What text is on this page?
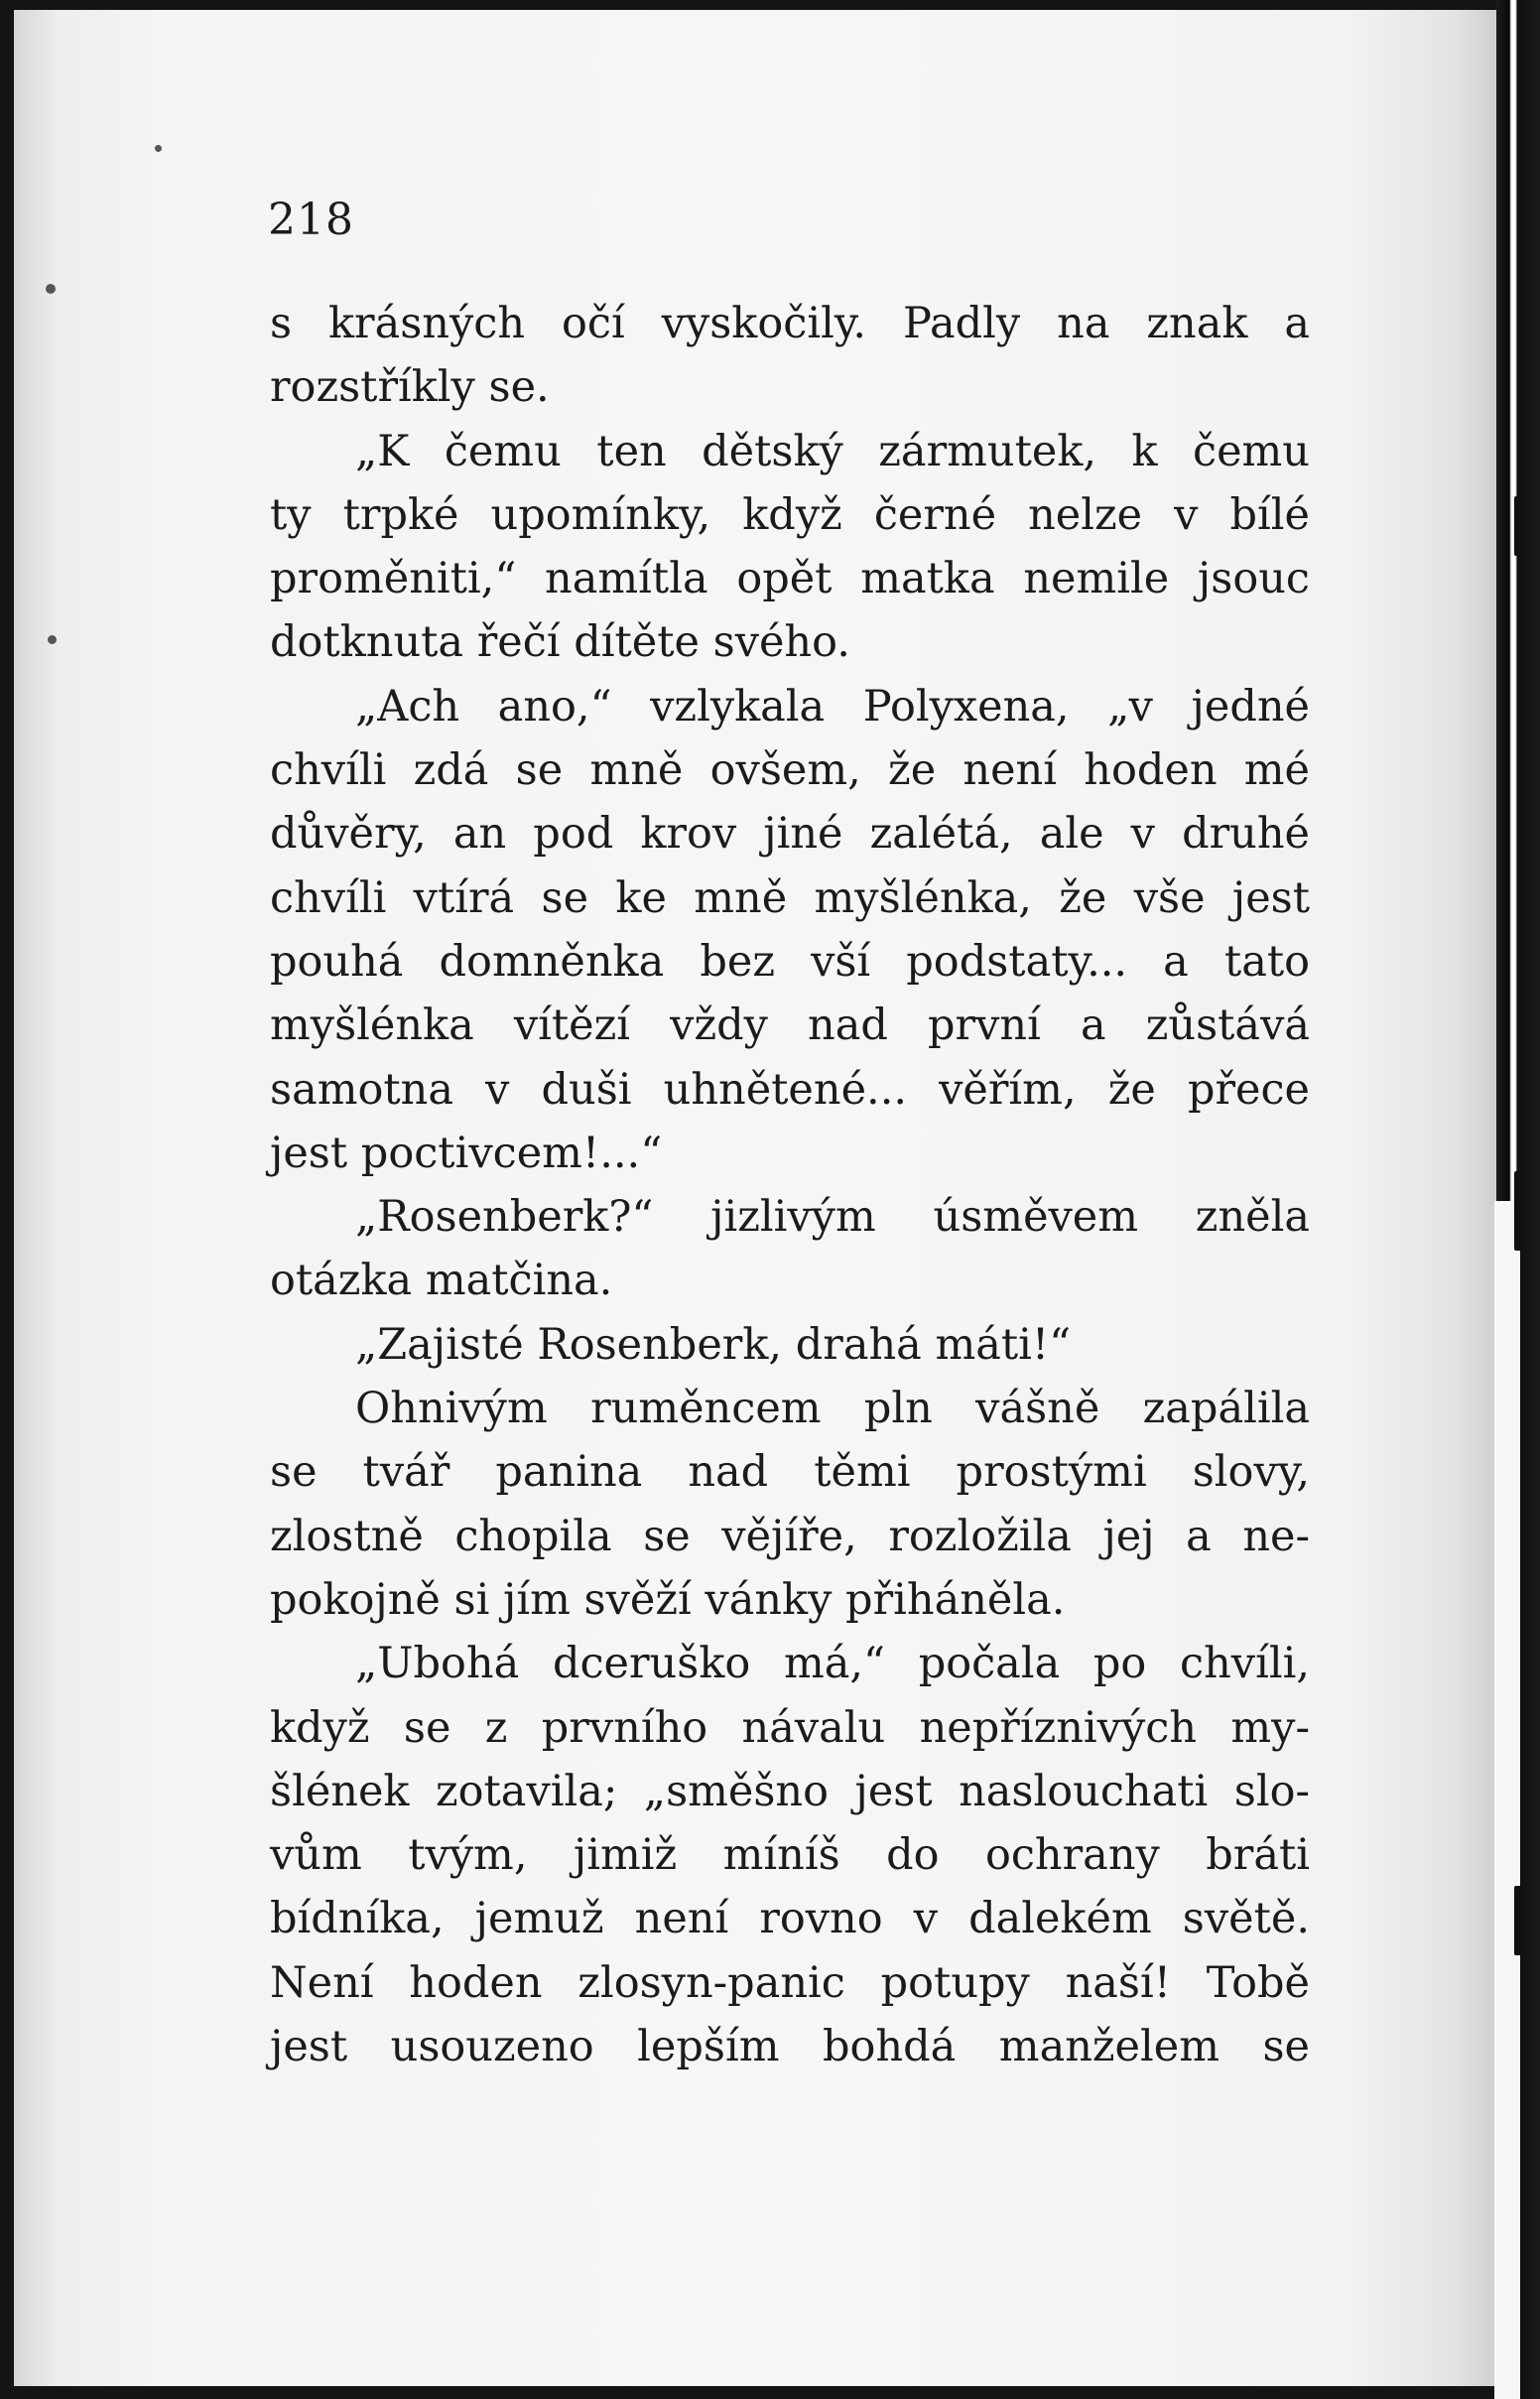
218
s krásných očí vyskočily. Padly na znak a
rozstříkly se.
„K čemu ten dětský zármutek, k čemu
ty trpké upomínky, když černé nelze v bílé
proměniti,“ namítla opět matka nemile jsouc
dotknuta řečí dítěte svého.
„Ach ano,“ vzlykala Polyxena, „v jedné
chvíli zdá se mně ovšem, že není hoden mé
důvěry, an pod krov jiné zalétá, ale v druhé
chvíli vtírá se ke mně myšlénka, že vše jest
pouhá domněnka bez vší podstaty... a tato
myšlénka vítězí vždy nad první a zůstává
samotna v duši uhnětené... věřím, že přece
jest poctivcem!...“
„Rosenberk?“ jizlivým úsměvem zněla
otázka matčina.
„Zajisté Rosenberk, drahá máti!“
Ohnivým ruměncem pln vášně zapálila
se tvář panina nad těmi prostými slovy,
zlostně chopila se vějíře, rozložila jej a ne-
pokojně si jím svěží vánky přiháněla.
„Ubohá dceruško má,“ počala po chvíli,
když se z prvního návalu nepříznivých my-
šlének zotavila; „směšno jest naslouchati slo-
vům tvým, jimiž míníš do ochrany bráti
bídníka, jemuž není rovno v dalekém světě.
Není hoden zlosyn-panic potupy naší! Tobě
jest usouzeno lepším bohdá manželem se
